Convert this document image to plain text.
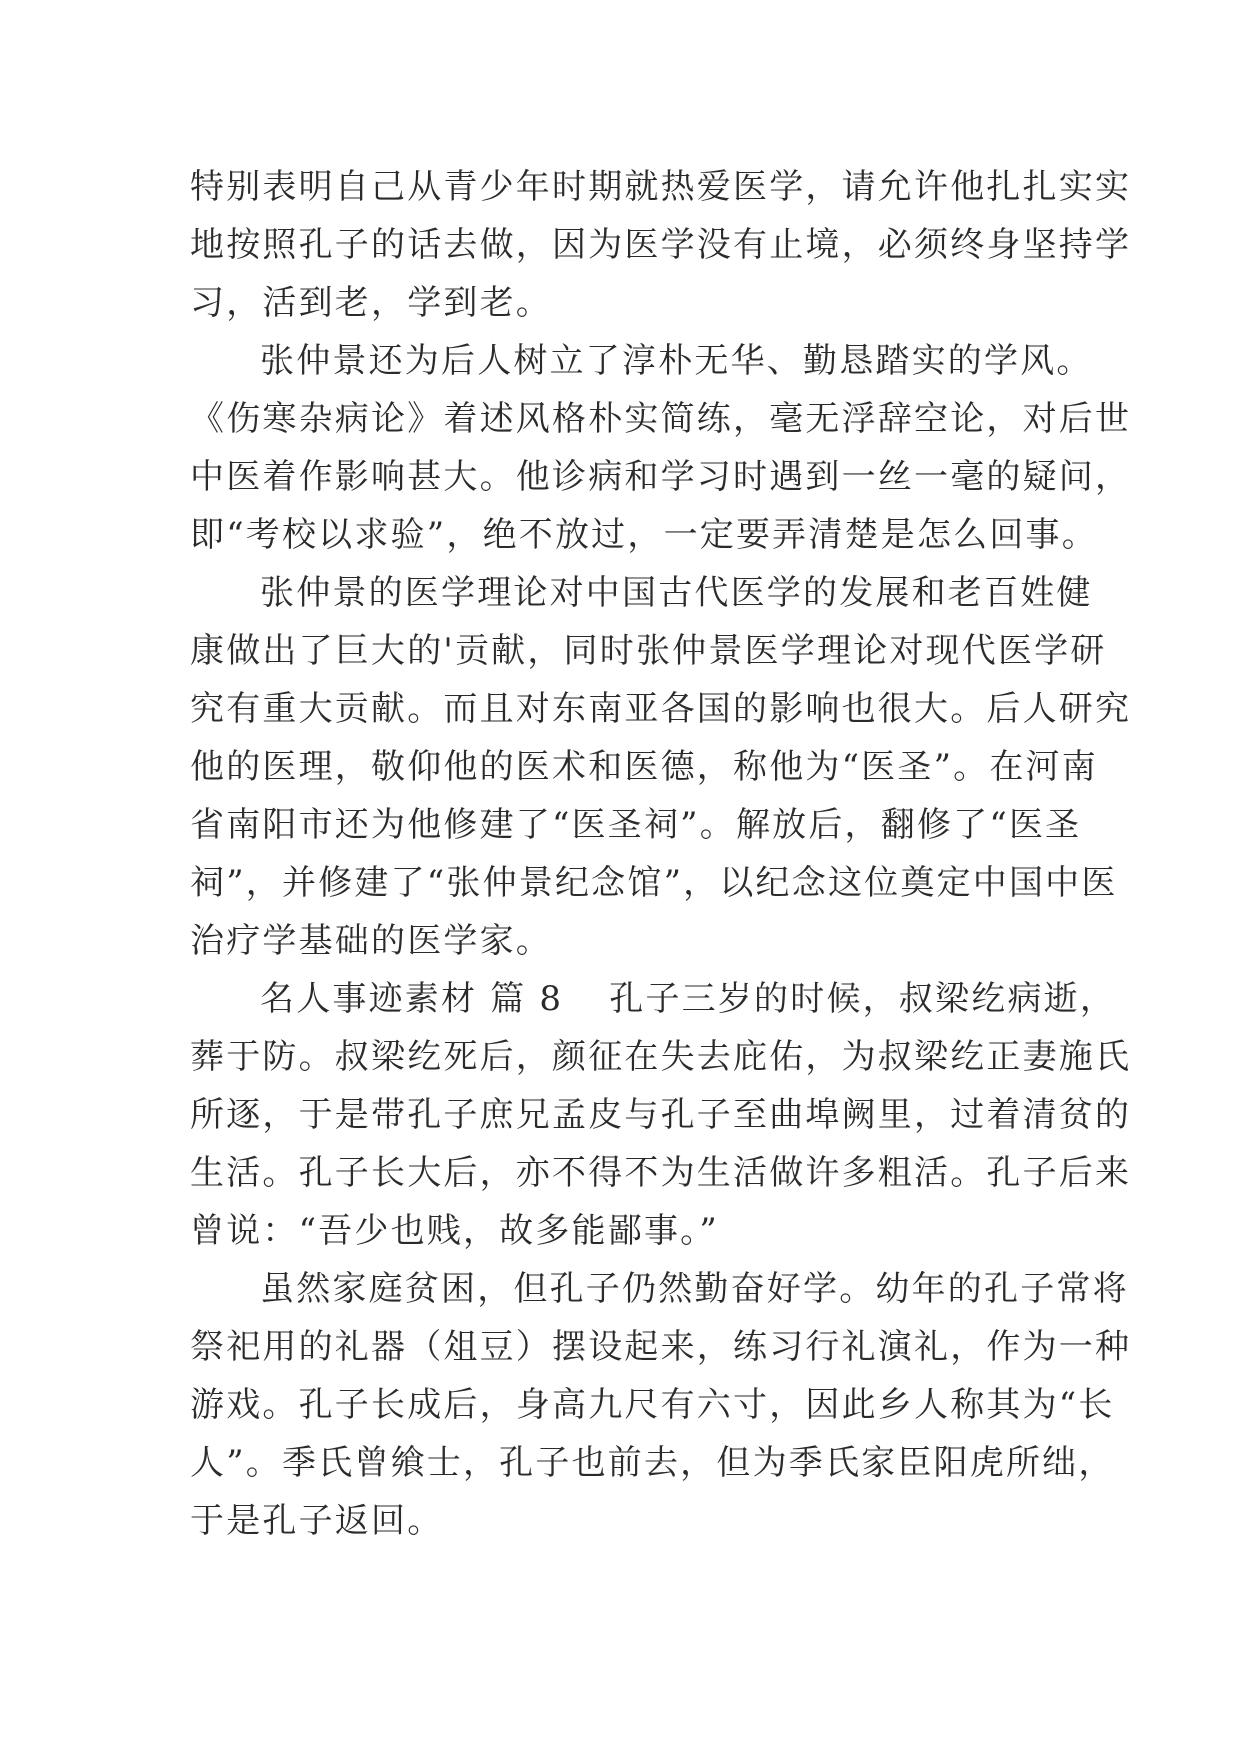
特别表明自己从青少年时期就热爱医学，请允许他扎扎实实
地按照孔子的话去做，因为医学没有止境，必须终身坚持学
习，活到老，学到老。
张仲景还为后人树立了淳朴无华、勤恳踏实的学风。
《伤寒杂病论》着述风格朴实简练，毫无浮辞空论，对后世
中医着作影响甚大。他诊病和学习时遇到一丝一毫的疑问，
即“考校以求验”，绝不放过，一定要弄清楚是怎么回事。
张仲景的医学理论对中国古代医学的发展和老百姓健
康做出了巨大的'贡献，同时张仲景医学理论对现代医学研
究有重大贡献。而且对东南亚各国的影响也很大。后人研究
他的医理，敬仰他的医术和医德，称他为“医圣”。在河南
省南阳市还为他修建了“医圣祠”。解放后，翻修了“医圣
祠”，并修建了“张仲景纪念馆”，以纪念这位奠定中国中医
治疗学基础的医学家。
名人事迹素材 篇 8 孔子三岁的时候，叔梁纥病逝，
葬于防。叔梁纥死后，颜征在失去庇佑，为叔梁纥正妻施氏
所逐，于是带孔子庶兄孟皮与孔子至曲埠阙里，过着清贫的
生活。孔子长大后，亦不得不为生活做许多粗活。孔子后来
曾说：“吾少也贱，故多能鄙事。”
虽然家庭贫困，但孔子仍然勤奋好学。幼年的孔子常将
祭祀用的礼器（俎豆）摆设起来，练习行礼演礼，作为一种
游戏。孔子长成后，身高九尺有六寸，因此乡人称其为“长
人”。季氏曾飨士，孔子也前去，但为季氏家臣阳虎所绌，
于是孔子返回。
